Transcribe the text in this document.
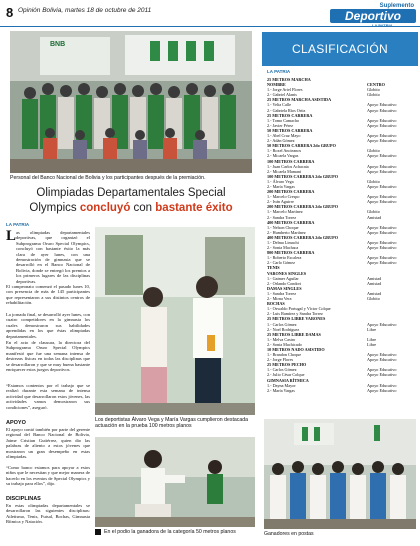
8 Opinión Bolivia, martes 18 de octubre de 2011
Suplemento
Deportivo
BNB
Personal del Banco Nacional de Bolivia y los participantes después de la premiación.
Olimpiadas Departamentales Special
Olympics concluyó con bastante éxito
LA PATRIA
L as olimpiadas departamentales deportivas, que organizó el Subprograma Oruro Special Olympics, concluyó con bastante éxito la más clara de ayer lunes, con una demostración de gimnasia que se desarrolló en el Banco Nacional de Bolivia, donde se entregó los premios a los primeros lugares de las disciplinas deportivas.
El campeonato comenzó el pasado lunes 10, con presencia de más de 145 participantes que representaron a sus distintos centros de rehabilitación.
La jornada final, se desarrolló ayer lunes, con cuatro competidores en la gimnasia los cuales demostraron sus habilidades aprendidas en los que éstas olimpiadas departamentales.
En el acto de clausura, la directora del Subprograma Oruro Special Olympics manifestó que fue una semana intensa de destrezas físicas en todas las disciplinas que se desarrollaron y que se muy buena bastante enriquecer estos juegos deportivos.
“Estamos contentos por el trabajo que se realizó durante esta semana de intensa actividad que desarrollaron estos jóvenes, las actividades vamos demostraron sus condiciones”, aseguró.
APOYO
El apoyo contó también por parte del gerente regional del Banco Nacional de Bolivia, Jaime Cristian Gutiérrez, quien dio las palabras de aliento a estos jóvenes que mostraron un gran desempeño en estas olimpiadas.
“Como banco estamos para apoyar a estos niños que le necesitan y que mejor manera de hacerlo en los eventos de Special Olympics y su trabajo para ellos”, dijo.
DISCIPLINAS
En estas olimpiadas departamentales se desarrollaron las siguientes disciplinas: Atletismo, Tenis, Futsal, Bochas, Gimnasia Rítmica y Natación.
Los deportistas Álvaro Vega y María Vargas cumplieron destacada actuación en la prueba 100 metros planos
En el podio la ganadora de la categoría 50 metros planos
CLASIFICACIÓN GENERAL
LA PATRIA
25 METROS MARCHA
NOMBRE	CENTRO
1.- Jorge Ariel Flores	Globito
2.- Gabriel Alanis	Globito
25 METROS MARCHA ASISTIDA
1.- Velia Calle	Apoyo Educativo
2.- Gabriela Ríos Ortiz	Apoyo Educativo
25 METROS CARRERA
1.- Tomo Camacho	Apoyo Educativo
2.- Javier Pérez	Apoyo Educativo
50 METROS CARRERA
1.- Abel Cruz Mayo	Apoyo Educativo
2.- Adán Gómez	Apoyo Educativo
50 METROS CARRERA 2do GRUPO
1.- Roxel Ancieanos	Globito
2.- Micaela Vargas	Apoyo Educativo
100 METROS CARRERA
1.- Juan Carlos Achacata	Apoyo Educativo
2.- Micaela Mamani	Apoyo Educativo
100 METROS CARRERA 2do GRUPO
1.- Álvaro Vega	Globito
2.- María Vargas	Apoyo Educativo
200 METROS CARRERA
1.- Marcelo Crespo	Apoyo Educativo
2.- Iván Aguirre	Apoyo Educativo
200 METROS CARRERA 2do GRUPO
1.- Marcelo Martínez	Globito
2.- Sandra Torrez	Amistad
400 METROS CARRERA
1.- Nelson Choque	Apoyo Educativo
2.- Humberto Martínez	Apoyo Educativo
400 METROS CARRERA 2do GRUPO
1.- Delma Limachi	Apoyo Educativo
2.- Sonia Machaca	Apoyo Educativo
800 METROS CARRERA
1.- Roberto Escalera	Apoyo Educativo
2.- Carlo Gómez	Apoyo Educativo
TENIS
VARONES SINGLES
1.- Gaimer Aguilar	Amistad
2.- Orlando Condori	Amistad
DAMAS SINGLES
1.- Sandra Torrez	Amistad
2.- Mirna Vera	Globito
BOCHAS
1.- Oswaldo Portugal y Víctor Colque
2.- Luis Ramírez y Sandra Torrez
25 METROS LIBRE VARONES
1.- Carlos Gómez	Apoyo Educativo
2.- Noel Rodríguez	Libre
25 METROS LIBRE DAMAS
1.- Melva Castro	Libre
2.- Sonia Machicado	Libre
10 METROS NADO ASISTIDO
1.- Brandon Choque	Apoyo Educativo
2.- Jorge Flores	Apoyo Educativo
25 METROS PECHO
1.- Carlos Gómez	Apoyo Educativo
2.- Julio César Colque	Apoyo Educativo
GIMNASIA RÍTMICA
1.- Dayna Mayor	Apoyo Educativo
2.- María Vargas	Apoyo Educativo
Ganadores en postas
